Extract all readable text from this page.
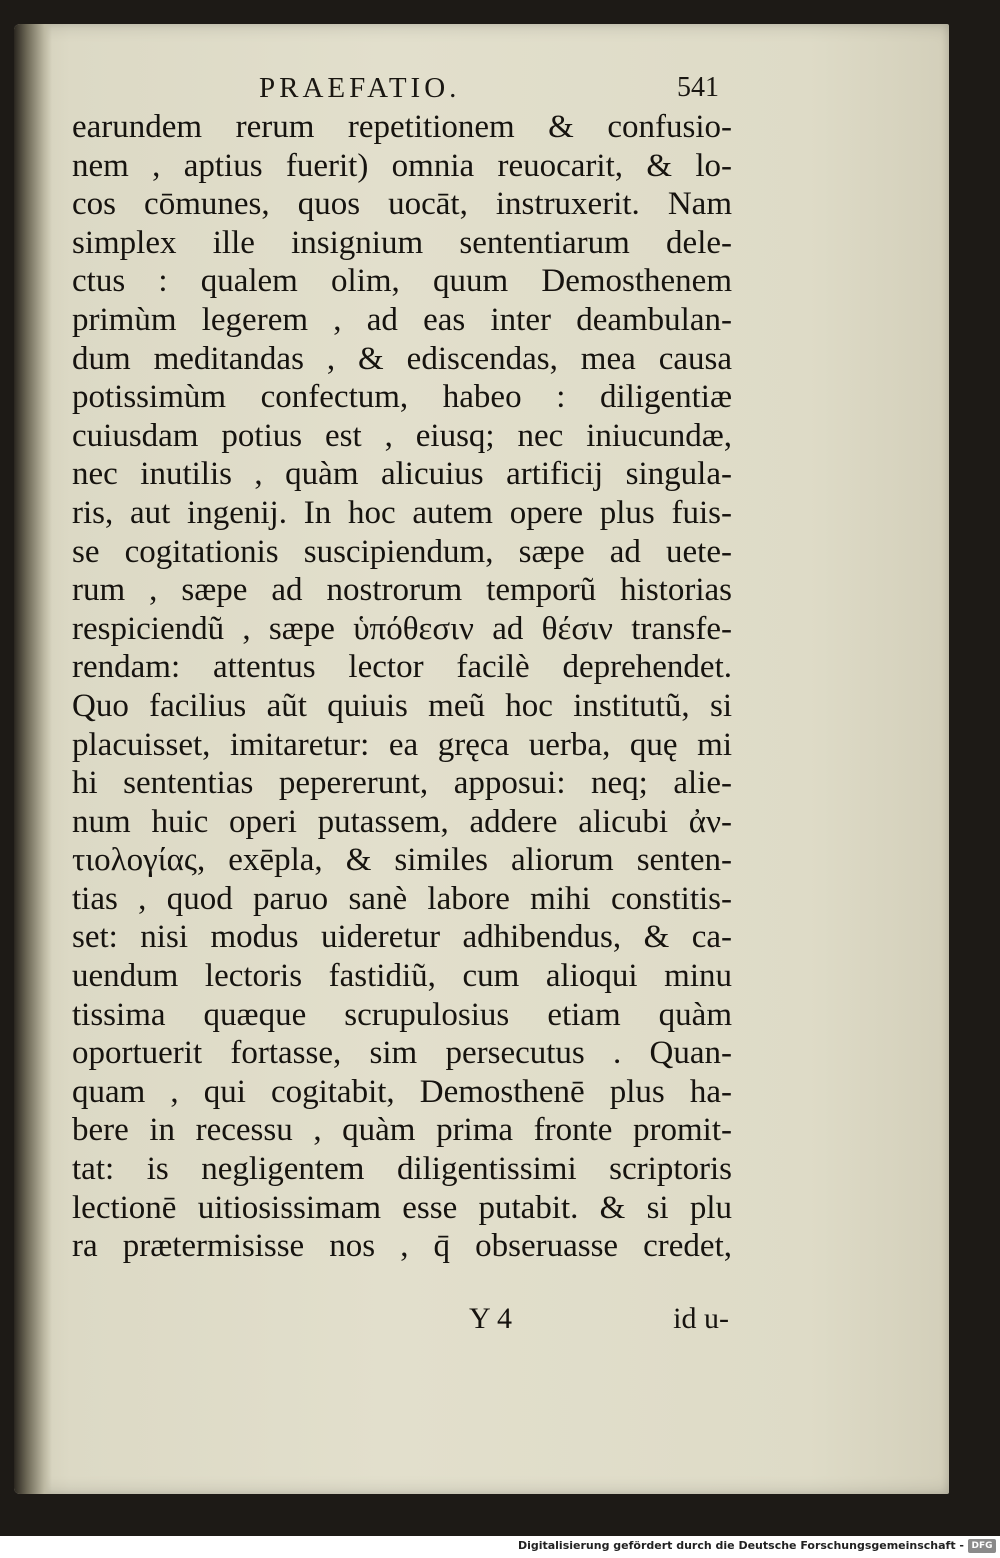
PRAEFATIO.	541
earundem rerum repetitionem & confusio-
nem , aptius fuerit) omnia reuocarit, & lo-
cos cōmunes, quos uocāt, instruxerit. Nam
simplex ille insignium sententiarum dele-
ctus : qualem olim, quum Demosthenem
primùm legerem , ad eas inter deambulan-
dum meditandas , & ediscendas, mea causa
potissimùm confectum, habeo : diligentiæ
cuiusdam potius est , eiusq; nec iniucundæ,
nec inutilis , quàm alicuius artificij singula-
ris, aut ingenij. In hoc autem opere plus fuis-
se cogitationis suscipiendum, sæpe ad uete-
rum , sæpe ad nostrorum temporũ historias
respiciendũ , sæpe ὑπόθεσιν ad θέσιν transfe-
rendam: attentus lector facilè deprehendet.
Quo facilius aũt quiuis meũ hoc institutũ, si
placuisset, imitaretur: ea gręca uerba, quę mi
hi sententias pepererunt, apposui: neq; alie-
num huic operi putassem, addere alicubi ἀν-
τιολογίας, exēpla, & similes aliorum senten-
tias , quod paruo sanè labore mihi constitis-
set: nisi modus uideretur adhibendus, & ca-
uendum lectoris fastidiũ, cum alioqui minu
tissima quæque scrupulosius etiam quàm
oportuerit fortasse, sim persecutus . Quan-
quam , qui cogitabit, Demosthenē plus ha-
bere in recessu , quàm prima fronte promit-
tat: is negligentem diligentissimi scriptoris
lectionē uitiosissimam esse putabit. & si plu
ra prætermisisse nos , q̄ obseruasse credet,
Y 4	id u-
Digitalisierung gefördert durch die Deutsche Forschungsgemeinschaft - DFG
